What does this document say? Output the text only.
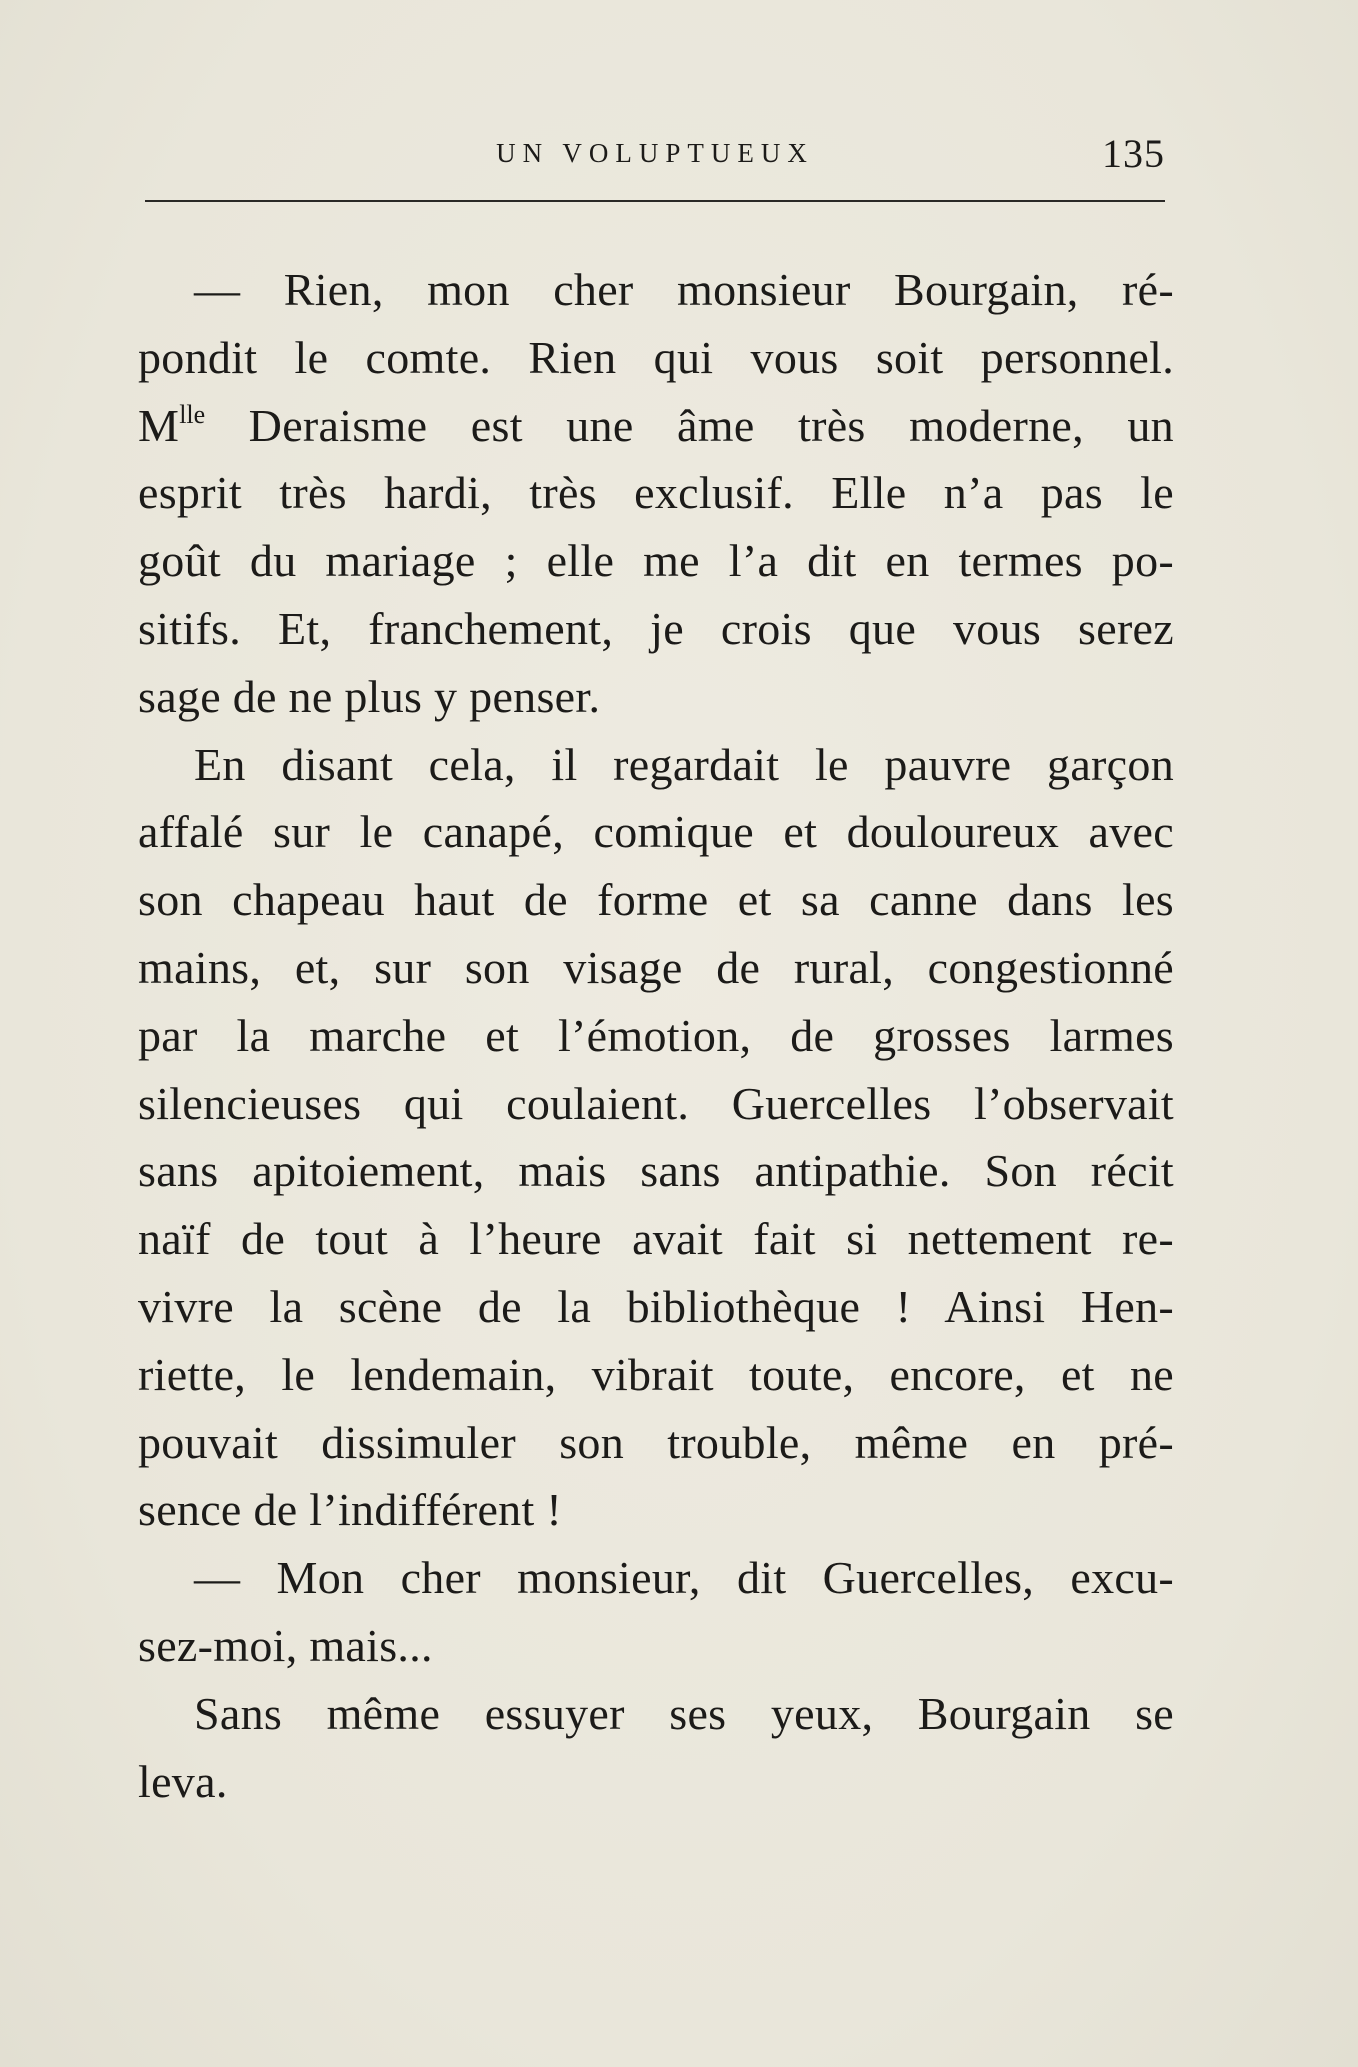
UN VOLUPTUEUX	135
— Rien, mon cher monsieur Bourgain, ré-
pondit le comte. Rien qui vous soit personnel.
$M^{lle}$ Deraisme est une âme très moderne, un
esprit très hardi, très exclusif. Elle n’a pas le
goût du mariage ; elle me l’a dit en termes po-
sitifs. Et, franchement, je crois que vous serez
sage de ne plus y penser.
En disant cela, il regardait le pauvre garçon
affalé sur le canapé, comique et douloureux avec
son chapeau haut de forme et sa canne dans les
mains, et, sur son visage de rural, congestionné
par la marche et l’émotion, de grosses larmes
silencieuses qui coulaient. Guercelles l’observait
sans apitoiement, mais sans antipathie. Son récit
naïf de tout à l’heure avait fait si nettement re-
vivre la scène de la bibliothèque ! Ainsi Hen-
riette, le lendemain, vibrait toute, encore, et ne
pouvait dissimuler son trouble, même en pré-
sence de l’indifférent !
— Mon cher monsieur, dit Guercelles, excu-
sez-moi, mais...
Sans même essuyer ses yeux, Bourgain se
leva.
